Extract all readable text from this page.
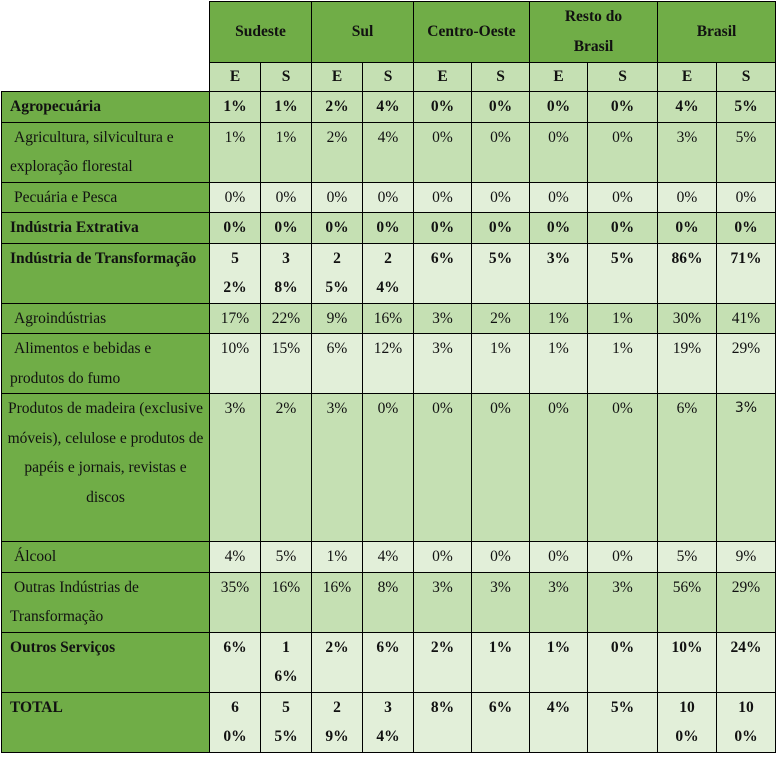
	Sudeste		Sul		Centro-Oeste		Resto do Brasil		Brasil	
	E	S	E	S	E	S	E	S	E	S
Agropecuária	1%	1%	2%	4%	0%	0%	0%	0%	4%	5%
Agricultura, silvicultura e exploração florestal	1%	1%	2%	4%	0%	0%	0%	0%	3%	5%
Pecuária e Pesca	0%	0%	0%	0%	0%	0%	0%	0%	0%	0%
Indústria Extrativa	0%	0%	0%	0%	0%	0%	0%	0%	0%	0%
Indústria de Transformação	52%	38%	25%	24%	6%	5%	3%	5%	86%	71%
Agroindústrias	17%	22%	9%	16%	3%	2%	1%	1%	30%	41%
Alimentos e bebidas e produtos do fumo	10%	15%	6%	12%	3%	1%	1%	1%	19%	29%
Produtos de madeira (exclusive móveis), celulose e produtos de papéis e jornais, revistas e discos	3%	2%	3%	0%	0%	0%	0%	0%	6%	3%
Álcool	4%	5%	1%	4%	0%	0%	0%	0%	5%	9%
Outras Indústrias de Transformação	35%	16%	16%	8%	3%	3%	3%	3%	56%	29%
Outros Serviços	6%	16%	2%	6%	2%	1%	1%	0%	10%	24%
TOTAL	60%	55%	29%	34%	8%	6%	4%	5%	100%	100%
